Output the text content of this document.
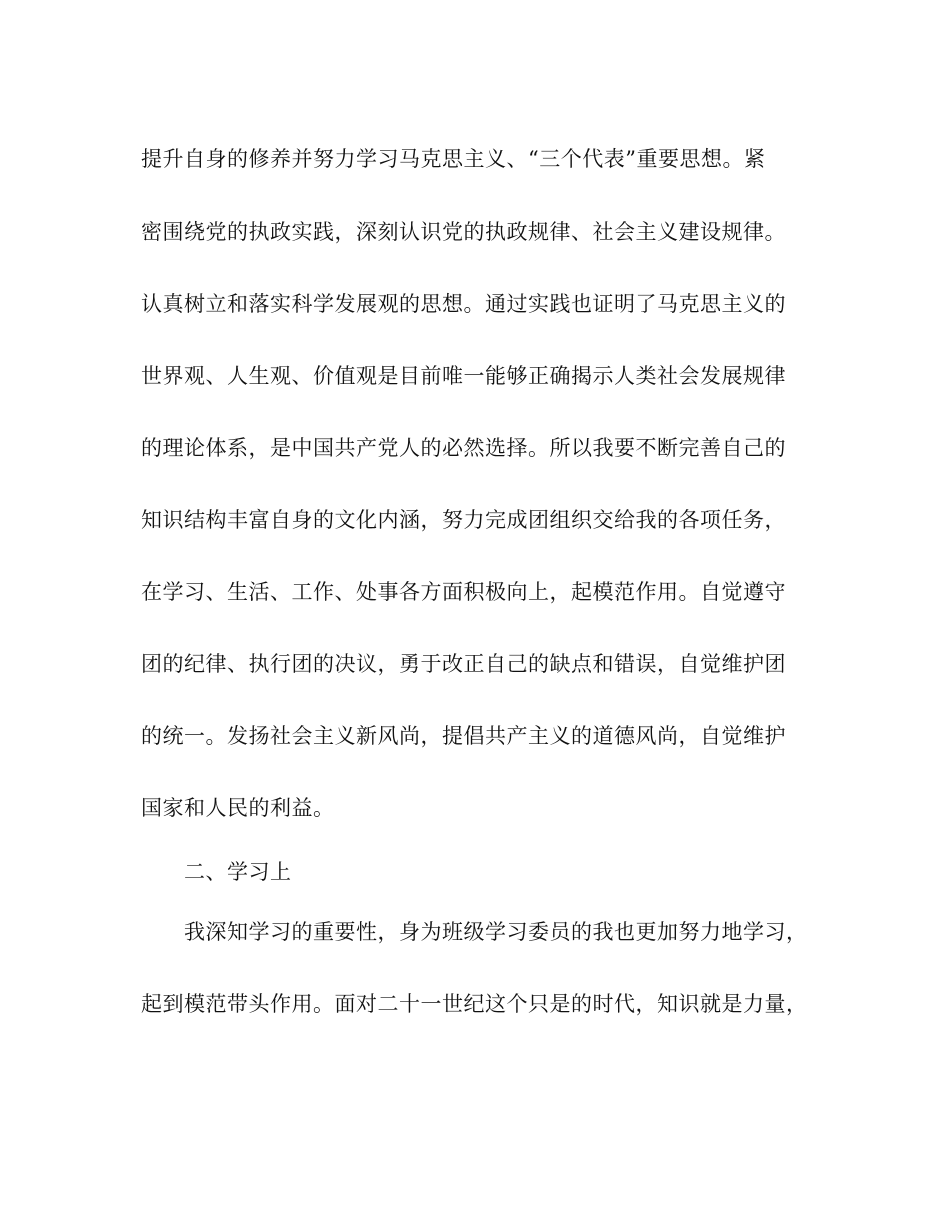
提升自身的修养并努力学习马克思主义、“三个代表”重要思想。紧
密围绕党的执政实践，深刻认识党的执政规律、社会主义建设规律。
认真树立和落实科学发展观的思想。通过实践也证明了马克思主义的
世界观、人生观、价值观是目前唯一能够正确揭示人类社会发展规律
的理论体系，是中国共产党人的必然选择。所以我要不断完善自己的
知识结构丰富自身的文化内涵，努力完成团组织交给我的各项任务，
在学习、生活、工作、处事各方面积极向上，起模范作用。自觉遵守
团的纪律、执行团的决议，勇于改正自己的缺点和错误，自觉维护团
的统一。发扬社会主义新风尚，提倡共产主义的道德风尚，自觉维护
国家和人民的利益。
二、学习上
我深知学习的重要性，身为班级学习委员的我也更加努力地学习，
起到模范带头作用。面对二十一世纪这个只是的时代，知识就是力量，
